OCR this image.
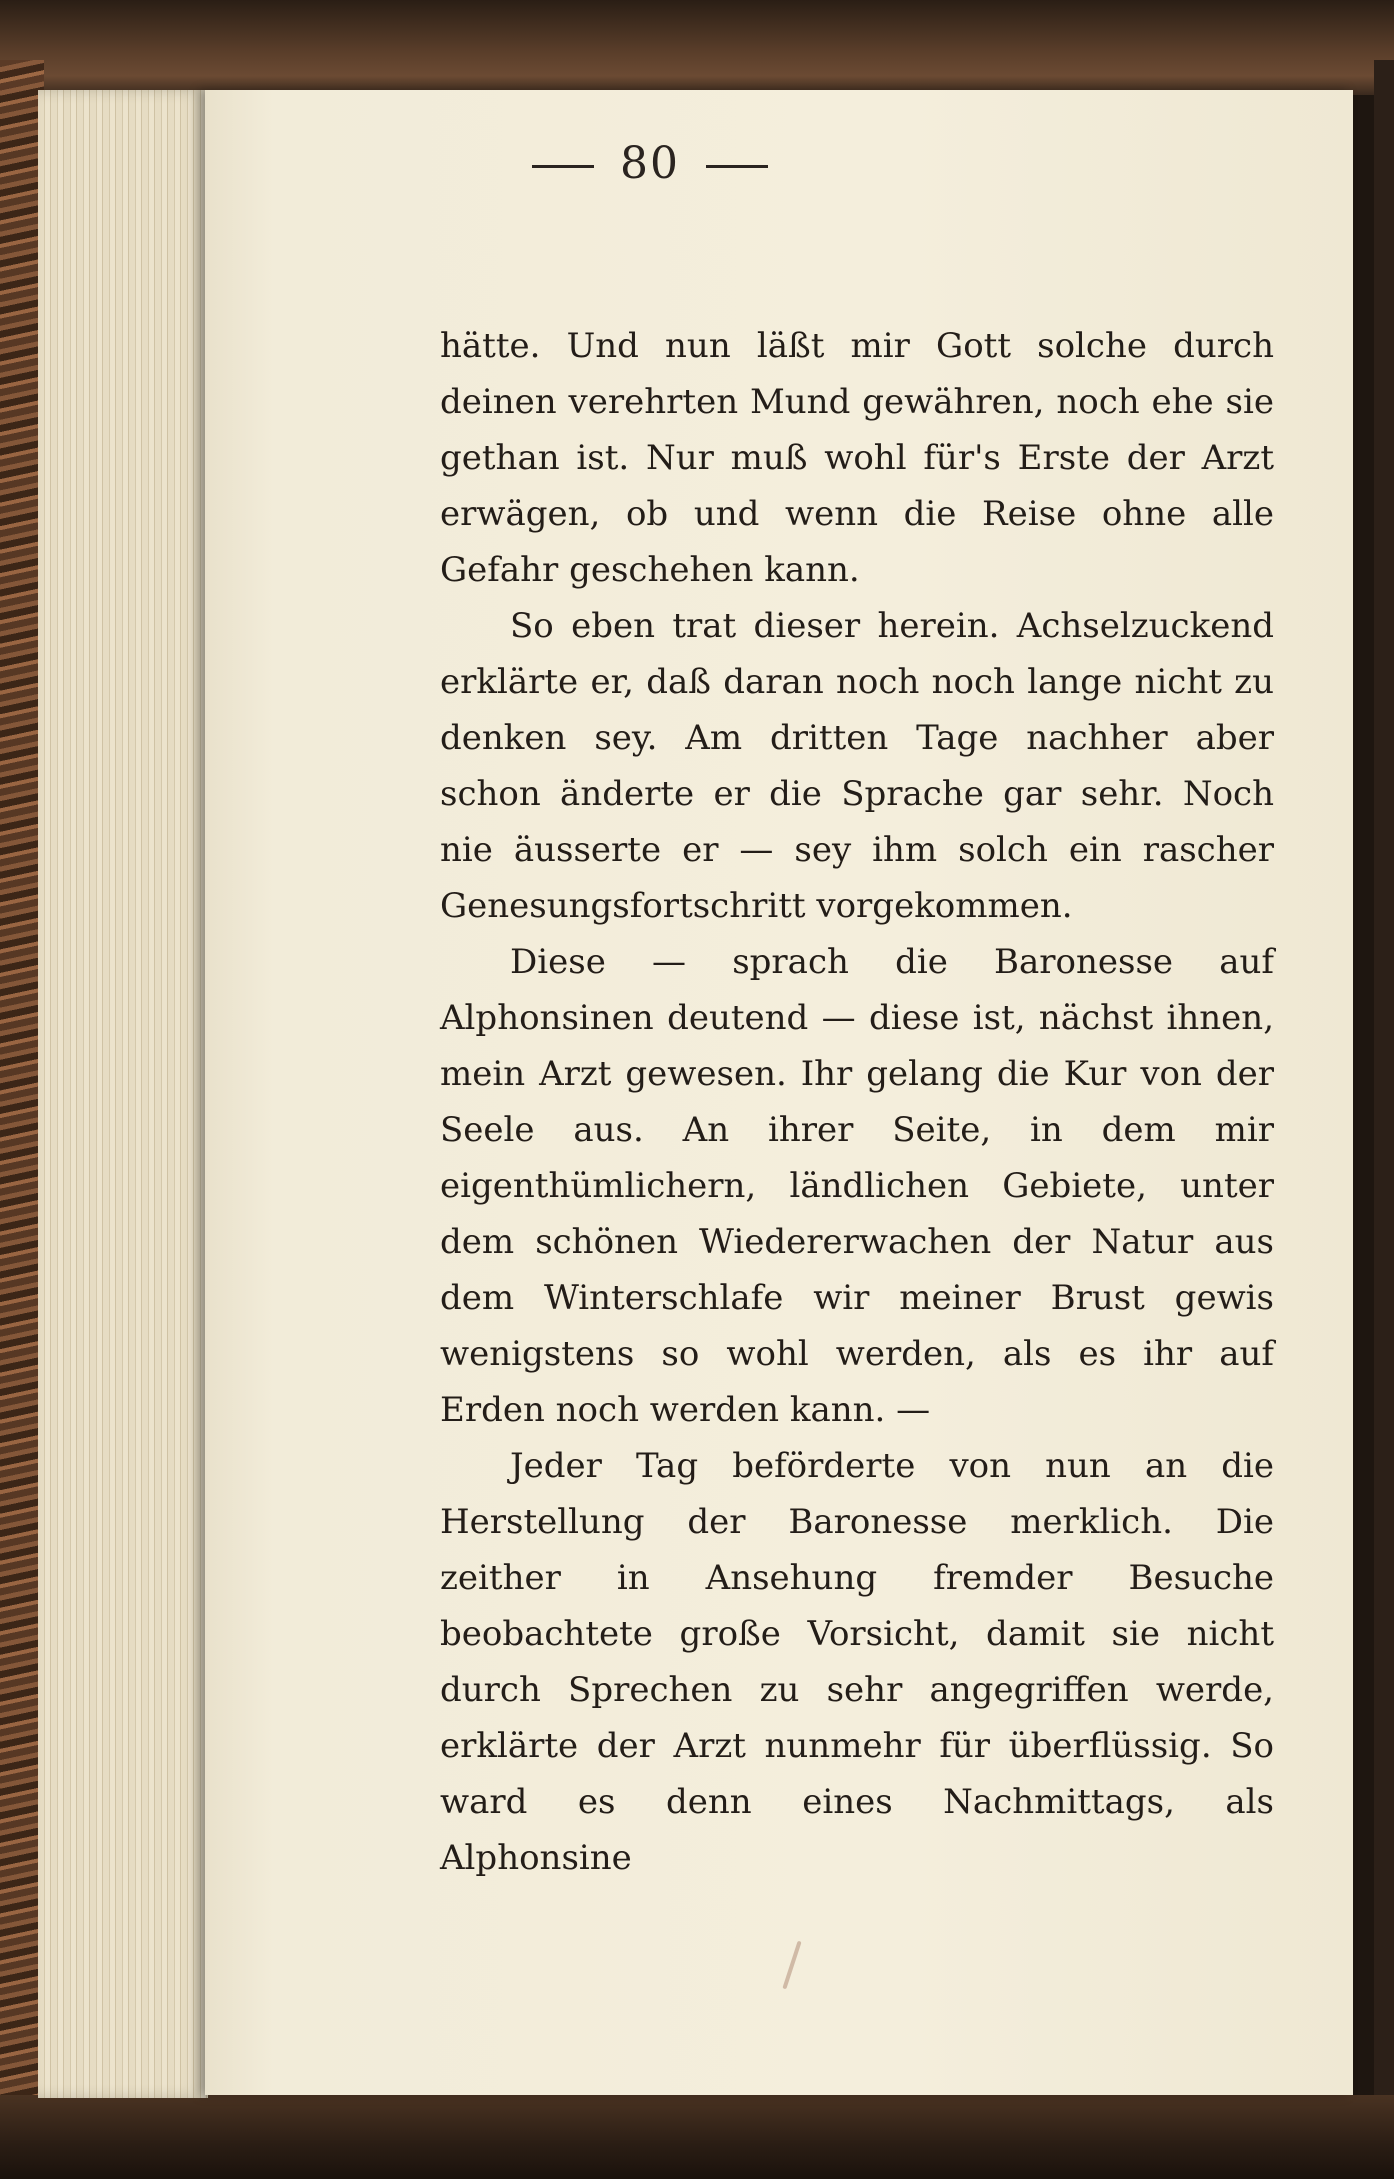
80

hätte. Und nun läßt mir Gott solche durch deinen verehrten Mund gewähren, noch ehe sie gethan ist. Nur muß wohl für's Erste der Arzt erwägen, ob und wenn die Reise ohne alle Gefahr geschehen kann.

So eben trat dieser herein. Achselzuckend erklärte er, daß daran noch noch lange nicht zu denken sey. Am dritten Tage nachher aber schon änderte er die Sprache gar sehr. Noch nie äusserte er — sey ihm solch ein rascher Genesungsfortschritt vorgekommen.

Diese — sprach die Baronesse auf Alphonsinen deutend — diese ist, nächst ihnen, mein Arzt gewesen. Ihr gelang die Kur von der Seele aus. An ihrer Seite, in dem mir eigenthümlichern, ländlichen Gebiete, unter dem schönen Wiedererwachen der Natur aus dem Winterschlafe wir meiner Brust gewis wenigstens so wohl werden, als es ihr auf Erden noch werden kann. —

Jeder Tag beförderte von nun an die Herstellung der Baronesse merklich. Die zeither in Ansehung fremder Besuche beobachtete große Vorsicht, damit sie nicht durch Sprechen zu sehr angegriffen werde, erklärte der Arzt nunmehr für überflüssig. So ward es denn eines Nachmittags, als Alphonsine
